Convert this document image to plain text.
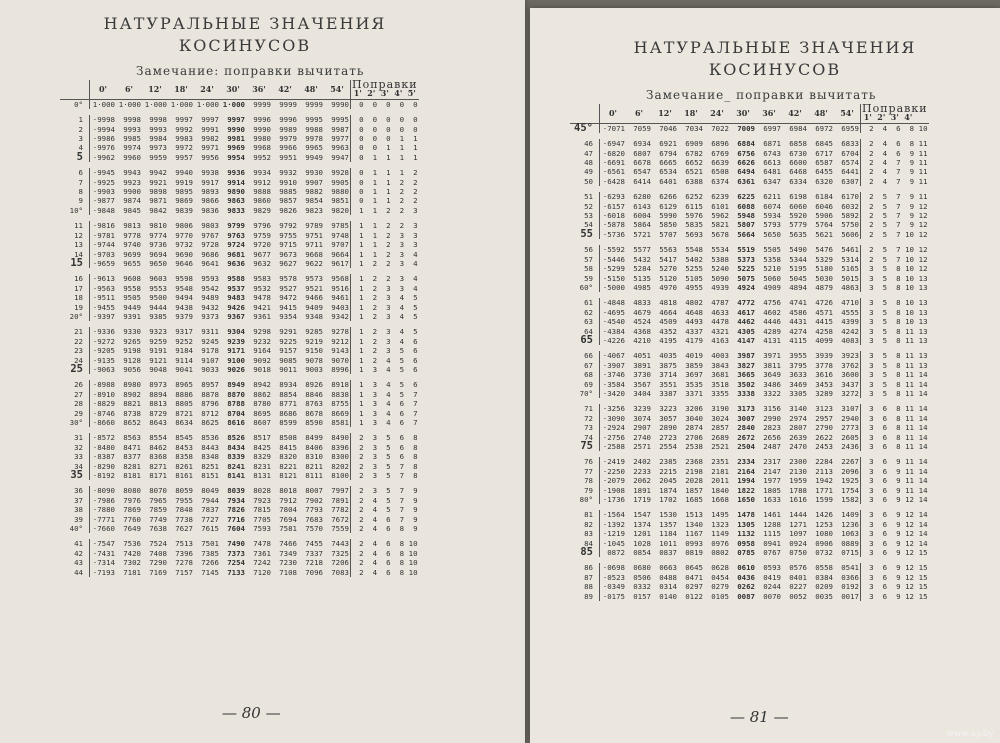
НАТУРАЛЬНЫЕ ЗНАЧЕНИЯ
КОСИНУСОВ
Замечание: поправки вычитать
	0'	6'	12'	18'	24'	30'	36'	42'	48'	54'	Поправки				
											1'	2'	3'	4'	5'
0°	1·000	1·000	1·000	1·000	1·000	1·000	9999	9999	9999	9990	0	0	0	0	0
1	·9998	9998	9998	9997	9997	9997	9996	9996	9995	9995	0	0	0	0	0
2	·9994	9993	9993	9992	9991	9990	9990	9989	9988	9987	0	0	0	0	0
3	·9986	9985	9984	9983	9982	9981	9980	9979	9978	9977	0	0	0	1	1
4	·9976	9974	9973	9972	9971	9969	9968	9966	9965	9963	0	0	1	1	1
5	·9962	9960	9959	9957	9956	9954	9952	9951	9949	9947	0	1	1	1	1
6	·9945	9943	9942	9940	9938	9936	9934	9932	9930	9928	0	1	1	1	2
7	·9925	9923	9921	9919	9917	9914	9912	9910	9907	9905	0	1	1	2	2
8	·9903	9900	9898	9895	9893	9890	9888	9885	9882	9880	0	1	1	2	2
9	·9877	9874	9871	9869	9866	9863	9860	9857	9854	9851	0	1	1	2	2
10°	·9848	9845	9842	9839	9836	9833	9829	9826	9823	9820	1	1	2	2	3
11	·9816	9813	9810	9806	9803	9799	9796	9792	9789	9785	1	1	2	2	3
12	·9781	9778	9774	9770	9767	9763	9759	9755	9751	9748	1	1	2	3	3
13	·9744	9740	9736	9732	9728	9724	9720	9715	9711	9707	1	1	2	3	3
14	·9703	9699	9694	9690	9686	9681	9677	9673	9668	9664	1	1	2	3	4
15	·9659	9655	9650	9646	9641	9636	9632	9627	9622	9617	1	2	2	3	4
16	·9613	9608	9603	9598	9593	9588	9583	9578	9573	9568	1	2	2	3	4
17	·9563	9558	9553	9548	9542	9537	9532	9527	9521	9516	1	2	3	3	4
18	·9511	9505	9500	9494	9489	9483	9478	9472	9466	9461	1	2	3	4	5
19	·9455	9449	9444	9438	9432	9426	9421	9415	9409	9403	1	2	3	4	5
20°	·9397	9391	9385	9379	9373	9367	9361	9354	9348	9342	1	2	3	4	5
21	·9336	9330	9323	9317	9311	9304	9298	9291	9285	9278	1	2	3	4	5
22	·9272	9265	9259	9252	9245	9239	9232	9225	9219	9212	1	2	3	4	6
23	·9205	9198	9191	9184	9178	9171	9164	9157	9150	9143	1	2	3	5	6
24	·9135	9128	9121	9114	9107	9100	9092	9085	9078	9070	1	2	4	5	6
25	·9063	9056	9048	9041	9033	9026	9018	9011	9003	8996	1	3	4	5	6
26	·8988	8980	8973	8965	8957	8949	8942	8934	8926	8918	1	3	4	5	6
27	·8910	8902	8894	8886	8878	8870	8862	8854	8846	8838	1	3	4	5	7
28	·8829	8821	8813	8805	8796	8788	8780	8771	8763	8755	1	3	4	6	7
29	·8746	8738	8729	8721	8712	8704	8695	8686	8678	8669	1	3	4	6	7
30°	·8660	8652	8643	8634	8625	8616	8607	8599	8590	8581	1	3	4	6	7
31	·8572	8563	8554	8545	8536	8526	8517	8508	8499	8490	2	3	5	6	8
32	·8480	8471	8462	8453	8443	8434	8425	8415	8406	8396	2	3	5	6	8
33	·8387	8377	8368	8358	8348	8339	8329	8320	8310	8300	2	3	5	6	8
34	·8290	8281	8271	8261	8251	8241	8231	8221	8211	8202	2	3	5	7	8
35	·8192	8181	8171	8161	8151	8141	8131	8121	8111	8100	2	3	5	7	8
36	·8090	8080	8070	8059	8049	8039	8028	8018	8007	7997	2	3	5	7	9
37	·7986	7976	7965	7955	7944	7934	7923	7912	7902	7891	2	4	5	7	9
38	·7880	7869	7859	7848	7837	7826	7815	7804	7793	7782	2	4	5	7	9
39	·7771	7760	7749	7738	7727	7716	7705	7694	7683	7672	2	4	6	7	9
40°	·7660	7649	7638	7627	7615	7604	7593	7581	7570	7559	2	4	6	8	9
41	·7547	7536	7524	7513	7501	7490	7478	7466	7455	7443	2	4	6	8	10
42	·7431	7420	7408	7396	7385	7373	7361	7349	7337	7325	2	4	6	8	10
43	·7314	7302	7290	7278	7266	7254	7242	7230	7218	7206	2	4	6	8	10
44	·7193	7181	7169	7157	7145	7133	7120	7108	7096	7083	2	4	6	8	10
— 80 —
НАТУРАЛЬНЫЕ ЗНАЧЕНИЯ
КОСИНУСОВ
Замечание_ поправки вычитать
	0'	6'	12'	18'	24'	30'	36'	42'	48'	54'	Поправки				
											1'	2'	3'	4'	
45°	·7071	7059	7046	7034	7022	7009	6997	6984	6972	6959	2	4	6	8	10
46	·6947	6934	6921	6909	6896	6884	6871	6858	6845	6833	2	4	6	8	11
47	·6820	6807	6794	6782	6769	6756	6743	6730	6717	6704	2	4	6	9	11
48	·6691	6678	6665	6652	6639	6626	6613	6600	6587	6574	2	4	7	9	11
49	·6561	6547	6534	6521	6508	6494	6481	6468	6455	6441	2	4	7	9	11
50	·6428	6414	6401	6388	6374	6361	6347	6334	6320	6307	2	4	7	9	11
51	·6293	6280	6266	6252	6239	6225	6211	6198	6184	6170	2	5	7	9	11
52	·6157	6143	6129	6115	6101	6088	6074	6060	6046	6032	2	5	7	9	12
53	·6018	6004	5990	5976	5962	5948	5934	5920	5906	5892	2	5	7	9	12
54	·5878	5864	5850	5835	5821	5807	5793	5779	5764	5750	2	5	7	9	12
55	·5736	5721	5707	5693	5678	5664	5650	5635	5621	5606	2	5	7	10	12
56	·5592	5577	5563	5548	5534	5519	5505	5490	5476	5461	2	5	7	10	12
57	·5446	5432	5417	5402	5388	5373	5358	5344	5329	5314	2	5	7	10	12
58	·5299	5284	5270	5255	5240	5225	5210	5195	5180	5165	3	5	8	10	12
59	·5150	5135	5120	5105	5090	5075	5060	5045	5030	5015	3	5	8	10	13
60°	·5000	4985	4970	4955	4939	4924	4909	4894	4879	4863	3	5	8	10	13
61	·4848	4833	4818	4802	4787	4772	4756	4741	4726	4710	3	5	8	10	13
62	·4695	4679	4664	4648	4633	4617	4602	4586	4571	4555	3	5	8	10	13
63	·4540	4524	4509	4493	4478	4462	4446	4431	4415	4399	3	5	8	10	13
64	·4384	4368	4352	4337	4321	4305	4289	4274	4258	4242	3	5	8	11	13
65	·4226	4210	4195	4179	4163	4147	4131	4115	4099	4083	3	5	8	11	13
66	·4067	4051	4035	4019	4003	3987	3971	3955	3939	3923	3	5	8	11	13
67	·3907	3891	3875	3859	3843	3827	3811	3795	3778	3762	3	5	8	11	13
68	·3746	3730	3714	3697	3681	3665	3649	3633	3616	3600	3	5	8	11	14
69	·3584	3567	3551	3535	3518	3502	3486	3469	3453	3437	3	5	8	11	14
70°	·3420	3404	3387	3371	3355	3338	3322	3305	3289	3272	3	5	8	11	14
71	·3256	3239	3223	3206	3190	3173	3156	3140	3123	3107	3	6	8	11	14
72	·3090	3074	3057	3040	3024	3007	2990	2974	2957	2940	3	6	8	11	14
73	·2924	2907	2890	2874	2857	2840	2823	2807	2790	2773	3	6	8	11	14
74	·2756	2740	2723	2706	2689	2672	2656	2639	2622	2605	3	6	8	11	14
75	·2588	2571	2554	2538	2521	2504	2487	2470	2453	2436	3	6	8	11	14
76	·2419	2402	2385	2368	2351	2334	2317	2300	2284	2267	3	6	9	11	14
77	·2250	2233	2215	2198	2181	2164	2147	2130	2113	2096	3	6	9	11	14
78	·2079	2062	2045	2028	2011	1994	1977	1959	1942	1925	3	6	9	11	14
79	·1908	1891	1874	1857	1840	1822	1805	1788	1771	1754	3	6	9	11	14
80°	·1736	1719	1702	1685	1668	1650	1633	1616	1599	1582	3	6	9	12	14
81	·1564	1547	1530	1513	1495	1478	1461	1444	1426	1409	3	6	9	12	14
82	·1392	1374	1357	1340	1323	1305	1288	1271	1253	1236	3	6	9	12	14
83	·1219	1201	1184	1167	1149	1132	1115	1097	1080	1063	3	6	9	12	14
84	·1045	1028	1011	0993	0976	0958	0941	0924	0906	0889	3	6	9	12	14
85	0872	0854	0837	0819	0802	0785	0767	0750	0732	0715	3	6	9	12	15
86	·0698	0680	0663	0645	0628	0610	0593	0576	0558	0541	3	6	9	12	15
87	·0523	0506	0488	0471	0454	0436	0419	0401	0384	0366	3	6	9	12	15
88	·0349	0332	0314	0297	0279	0262	0244	0227	0209	0192	3	6	9	12	15
89	·0175	0157	0140	0122	0105	0087	0070	0052	0035	0017	3	6	9	12	15
— 81 —
www.ay.by
